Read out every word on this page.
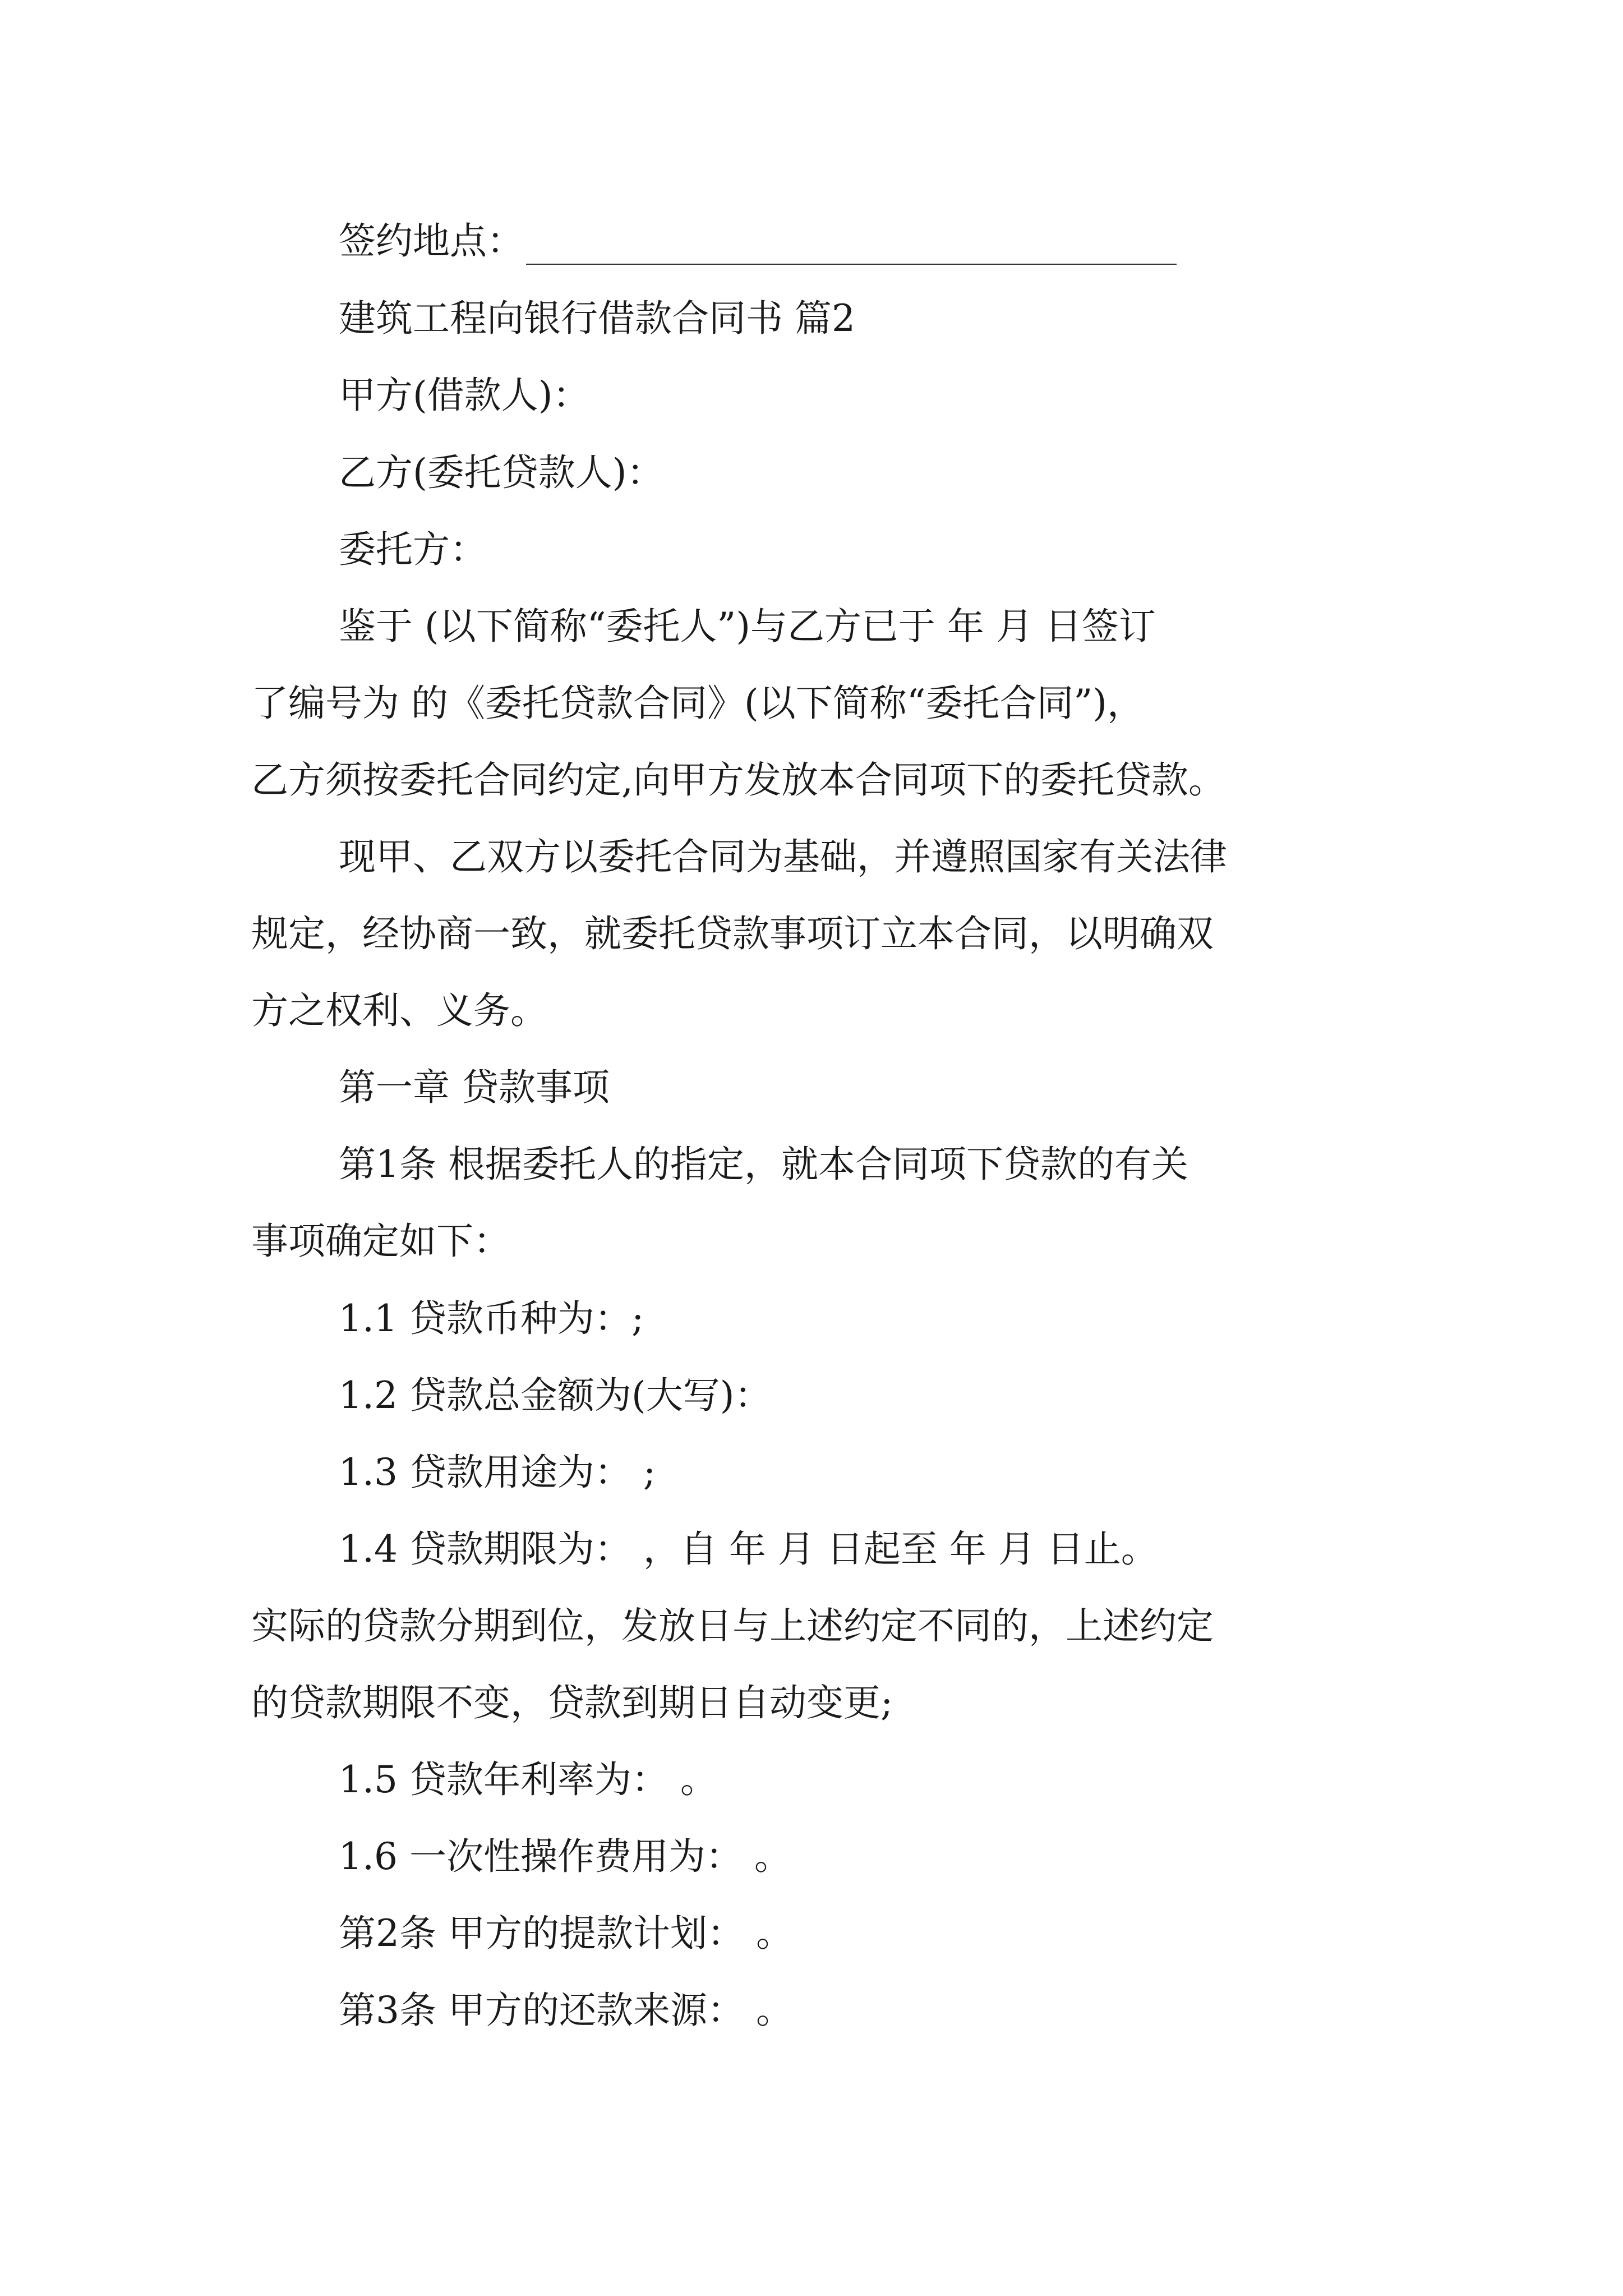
签约地点：
建筑工程向银行借款合同书 篇2
甲方(借款人)：
乙方(委托贷款人)：
委托方：
鉴于 (以下简称“委托人”)与乙方已于 年 月 日签订
了编号为 的《委托贷款合同》(以下简称“委托合同”)，
乙方须按委托合同约定,向甲方发放本合同项下的委托贷款。
现甲、乙双方以委托合同为基础，并遵照国家有关法律
规定，经协商一致，就委托贷款事项订立本合同，以明确双
方之权利、义务。
第一章 贷款事项
第1条 根据委托人的指定，就本合同项下贷款的有关
事项确定如下：
1.1 贷款币种为：;
1.2 贷款总金额为(大写)：
1.3 贷款用途为： ;
1.4 贷款期限为： ，自 年 月 日起至 年 月 日止。
实际的贷款分期到位，发放日与上述约定不同的，上述约定
的贷款期限不变，贷款到期日自动变更;
1.5 贷款年利率为： 。
1.6 一次性操作费用为： 。
第2条 甲方的提款计划： 。
第3条 甲方的还款来源： 。
